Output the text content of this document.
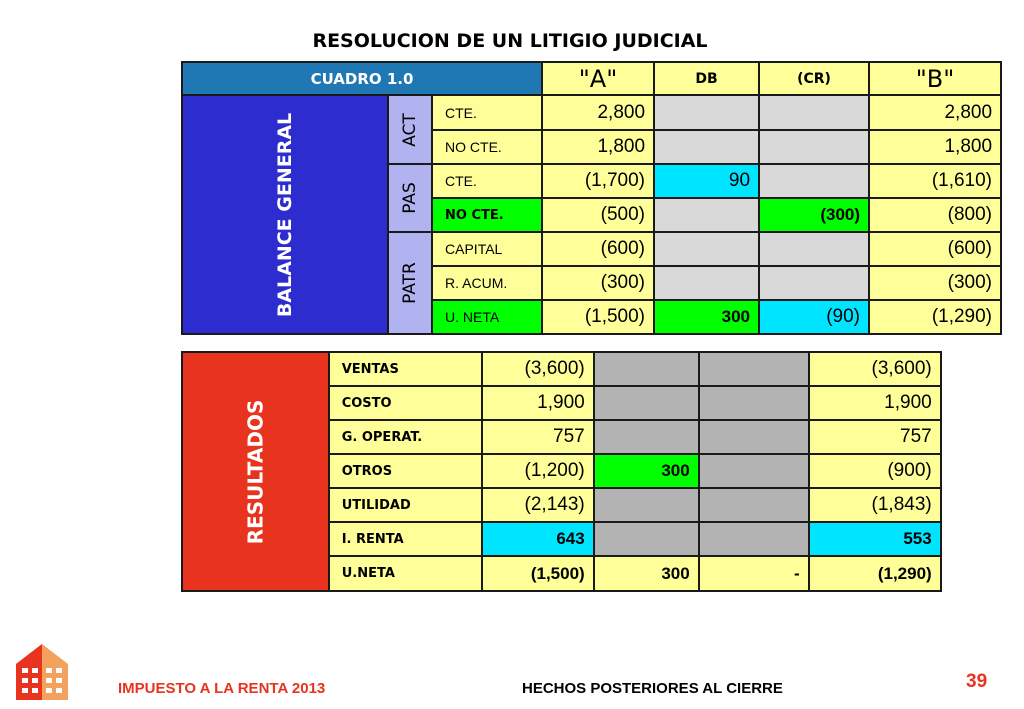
RESOLUCION DE UN LITIGIO JUDICIAL
CUADRO 1.0			"A"	DB	(CR)	"B"
BALANCE GENERAL	ACT	CTE.	2,800			2,800
		NO CTE.	1,800			1,800
	PAS	CTE.	(1,700)	90		(1,610)
		NO CTE.	(500)		(300)	(800)
	PATR	CAPITAL	(600)			(600)
		R. ACUM.	(300)			(300)
		U. NETA	(1,500)	300	(90)	(1,290)
RESULTADOS	VENTAS	(3,600)			(3,600)
	COSTO	1,900			1,900
	G. OPERAT.	757			757
	OTROS	(1,200)	300		(900)
	UTILIDAD	(2,143)			(1,843)
	I. RENTA	643			553
	U.NETA	(1,500)	300	-	(1,290)
IMPUESTO A LA RENTA 2013	HECHOS POSTERIORES AL CIERRE	39
